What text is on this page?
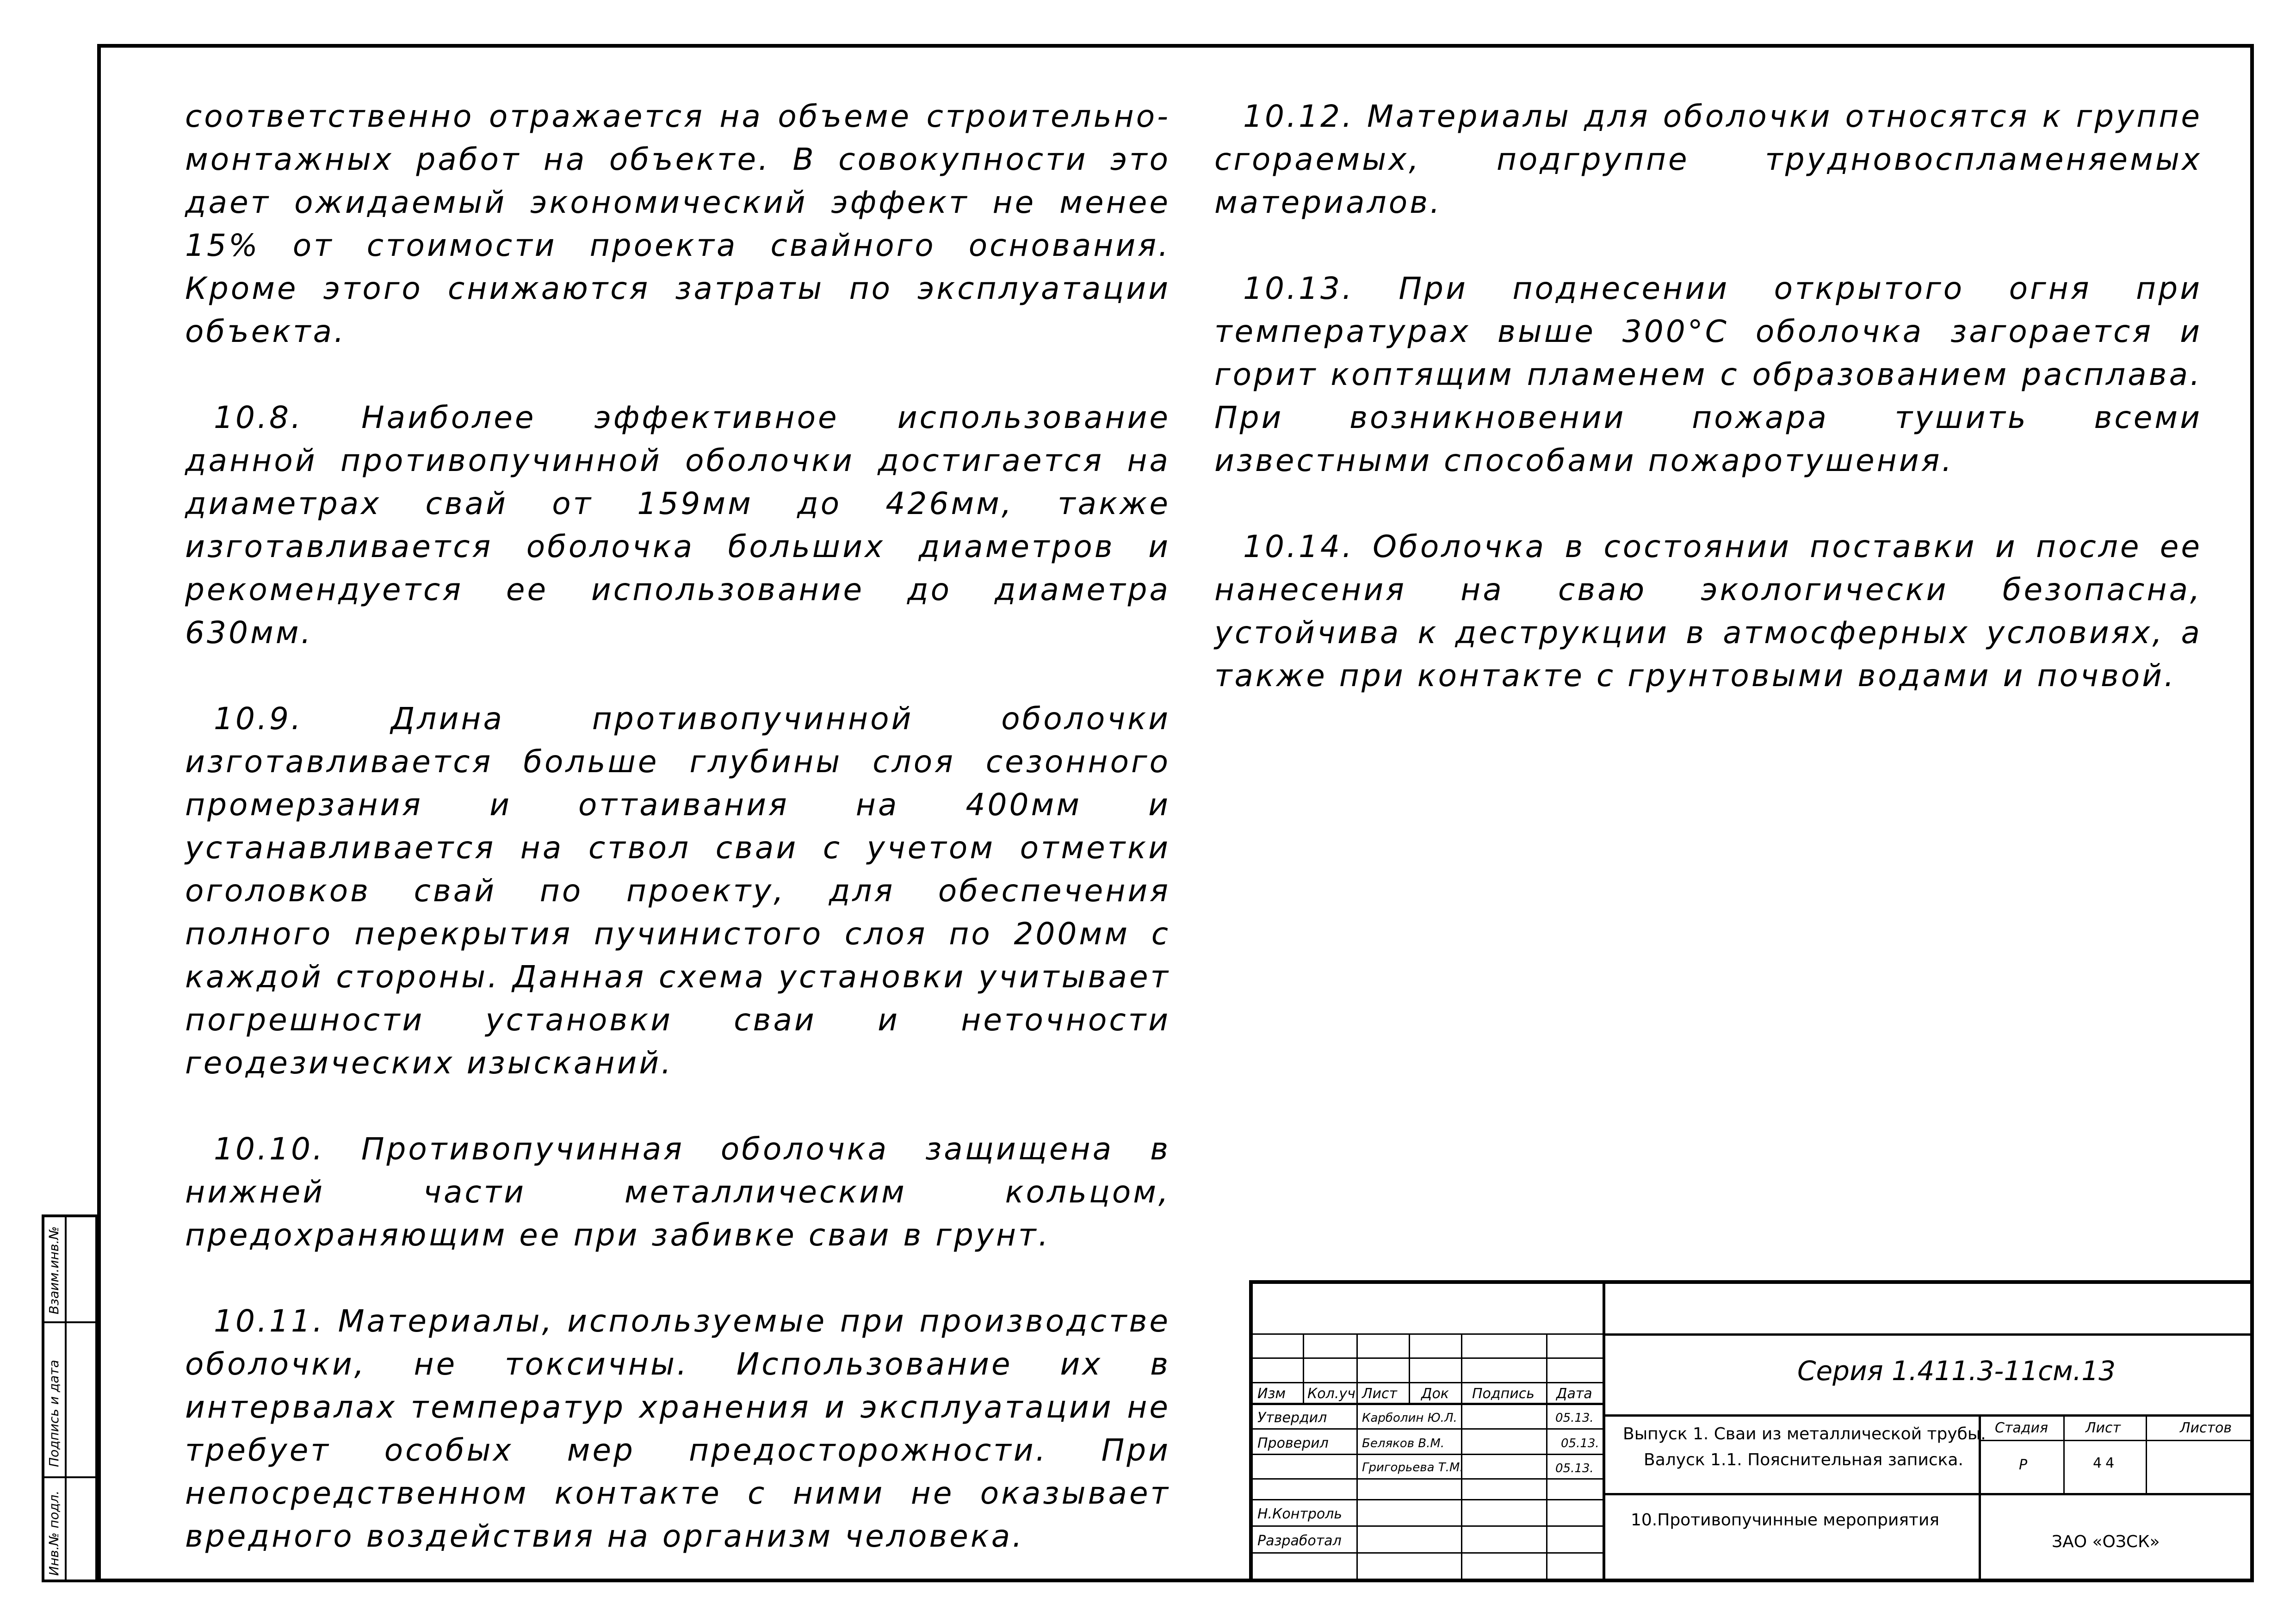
соответственно отражается на объеме строительно-монтажных работ на объекте. В совокупности это дает ожидаемый экономический эффект не менее 15% от стоимости проекта свайного основания. Кроме этого снижаются затраты по эксплуатации объекта.

10.8. Наиболее эффективное использование данной противопучинной оболочки достигается на диаметрах свай от 159мм до 426мм, также изготавливается оболочка больших диаметров и рекомендуется ее использование до диаметра 630мм.

10.9. Длина противопучинной оболочки изготавливается больше глубины слоя сезонного промерзания и оттаивания на 400мм и устанавливается на ствол сваи с учетом отметки оголовков свай по проекту, для обеспечения полного перекрытия пучинистого слоя по 200мм с каждой стороны. Данная схема установки учитывает погрешности установки сваи и неточности геодезических изысканий.

10.10. Противопучинная оболочка защищена в нижней части металлическим кольцом, предохраняющим ее при забивке сваи в грунт.

10.11. Материалы, используемые при производстве оболочки, не токсичны. Использование их в интервалах температур хранения и эксплуатации не требует особых мер предосторожности. При непосредственном контакте с ними не оказывает вредного воздействия на организм человека.

10.12. Материалы для оболочки относятся к группе сгораемых, подгруппе трудновоспламеняемых материалов.

10.13. При поднесении открытого огня при температурах выше 300°С оболочка загорается и горит коптящим пламенем с образованием расплава. При возникновении пожара тушить всеми известными способами пожаротушения.

10.14. Оболочка в состоянии поставки и после ее нанесения на сваю экологически безопасна, устойчива к деструкции в атмосферных условиях, а также при контакте с грунтовыми водами и почвой.

Взаим.инв.№
Подпись и дата
Инв.№ подл.
Изм Кол.уч Лист Док Подпись Дата
Утвердил	Карболин Ю.Л.	05.13.
Проверил	Беляков В.М.	05.13.
Григорьева Т.М.	05.13.
Н.Контроль
Разработал
Серия 1.411.3-11см.13
Выпуск 1. Сваи из металлической трубы.
Валуск 1.1. Пояснительная записка.
Стадия	Лист	Листов
Р	44
10.Противопучинные мероприятия
ЗАО «ОЗСК»
